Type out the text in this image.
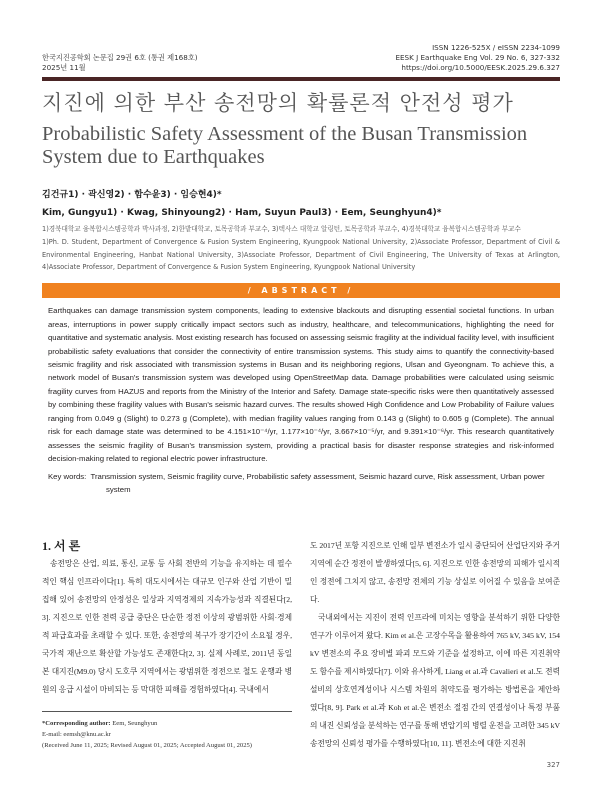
한국지진공학회 논문집 29권 6호 (통권 제168호)
2025년 11월
ISSN 1226-525X / eISSN 2234-1099
EESK J Earthquake Eng Vol. 29 No. 6, 327-332
https://doi.org/10.5000/EESK.2025.29.6.327
지진에 의한 부산 송전망의 확률론적 안전성 평가
Probabilistic Safety Assessment of the Busan Transmission System due to Earthquakes
김건규1) · 곽신영2) · 함수윤3) · 임승현4)*
Kim, Gungyu1) · Kwag, Shinyoung2) · Ham, Suyun Paul3) · Eem, Seunghyun4)*
1)경북대학교 융복합시스템공학과 박사과정, 2)한밭대학교, 토목공학과 부교수, 3)텍사스 대학교 알링턴, 토목공학과 부교수, 4)경북대학교 융복합시스템공학과 부교수
1)Ph. D. Student, Department of Convergence & Fusion System Engineering, Kyungpook National University, 2)Associate Professor, Department of Civil & Environmental Engineering, Hanbat National University, 3)Associate Professor, Department of Civil Engineering, The University of Texas at Arlington, 4)Associate Professor, Department of Convergence & Fusion System Engineering, Kyungpook National University
/ ABSTRACT /
Earthquakes can damage transmission system components, leading to extensive blackouts and disrupting essential societal functions. In urban areas, interruptions in power supply critically impact sectors such as industry, healthcare, and telecommunications, highlighting the need for quantitative and systematic analysis. Most existing research has focused on assessing seismic fragility at the individual facility level, with insufficient probabilistic safety evaluations that consider the connectivity of entire transmission systems. This study aims to quantify the connectivity-based seismic fragility and risk associated with transmission systems in Busan and its neighboring regions, Ulsan and Gyeongnam. To achieve this, a network model of Busan's transmission system was developed using OpenStreetMap data. Damage probabilities were calculated using seismic fragility curves from HAZUS and reports from the Ministry of the Interior and Safety. Damage state-specific risks were then quantitatively assessed by combining these fragility values with Busan's seismic hazard curves. The results showed High Confidence and Low Probability of Failure values ranging from 0.049 g (Slight) to 0.273 g (Complete), with median fragility values ranging from 0.143 g (Slight) to 0.605 g (Complete). The annual risk for each damage state was determined to be 4.151×10⁻⁴/yr, 1.177×10⁻⁴/yr, 3.667×10⁻⁵/yr, and 9.391×10⁻⁶/yr. This research quantitatively assesses the seismic fragility of Busan's transmission system, providing a practical basis for disaster response strategies and risk-informed decision-making related to regional electric power infrastructure.
Key words: Transmission system, Seismic fragility curve, Probabilistic safety assessment, Seismic hazard curve, Risk assessment, Urban power system
1. 서 론

송전망은 산업, 의료, 통신, 교통 등 사회 전반의 기능을 유지하는 데 필수적인 핵심 인프라이다[1]. 특히 대도시에서는 대규모 인구와 산업 기반이 밀집해 있어 송전망의 안정성은 일상과 지역경제의 지속가능성과 직결된다[2, 3]. 지진으로 인한 전력 공급 중단은 단순한 정전 이상의 광범위한 사회·경제적 파급효과를 초래할 수 있다. 또한, 송전망의 복구가 장기간이 소요될 경우, 국가적 재난으로 확산할 가능성도 존재한다[2, 3]. 실제 사례로, 2011년 동일본 대지진(M9.0) 당시 도호쿠 지역에서는 광범위한 정전으로 철도 운행과 병원의 응급 시설이 마비되는 등 막대한 피해를 경험하였다[4]. 국내에서

*Corresponding author: Eem, Seunghyun
E-mail: eemsh@knu.ac.kr
(Received June 11, 2025; Revised August 01, 2025; Accepted August 01, 2025)

도 2017년 포항 지진으로 인해 일부 변전소가 일시 중단되어 산업단지와 주거지역에 순간 정전이 발생하였다[5, 6]. 지진으로 인한 송전망의 피해가 일시적인 정전에 그치지 않고, 송전망 전체의 기능 상실로 이어질 수 있음을 보여준다.

국내외에서는 지진이 전력 인프라에 미치는 영향을 분석하기 위한 다양한 연구가 이루어져 왔다. Kim et al.은 고장수목을 활용하여 765 kV, 345 kV, 154 kV 변전소의 주요 장비별 파괴 모드와 기준을 설정하고, 이에 따른 지진취약도 함수를 제시하였다[7]. 이와 유사하게, Liang et al.과 Cavalieri et al.도 전력설비의 상호연계성이나 시스템 차원의 취약도를 평가하는 방법론을 제안하였다[8, 9]. Park et al.과 Koh et al.은 변전소 절점 간의 연결성이나 특정 부품의 내진 신뢰성을 분석하는 연구를 통해 변압기의 병렬 운전을 고려한 345 kV 송전망의 신뢰성 평가를 수행하였다[10, 11]. 변전소에 대한 지진취

327
